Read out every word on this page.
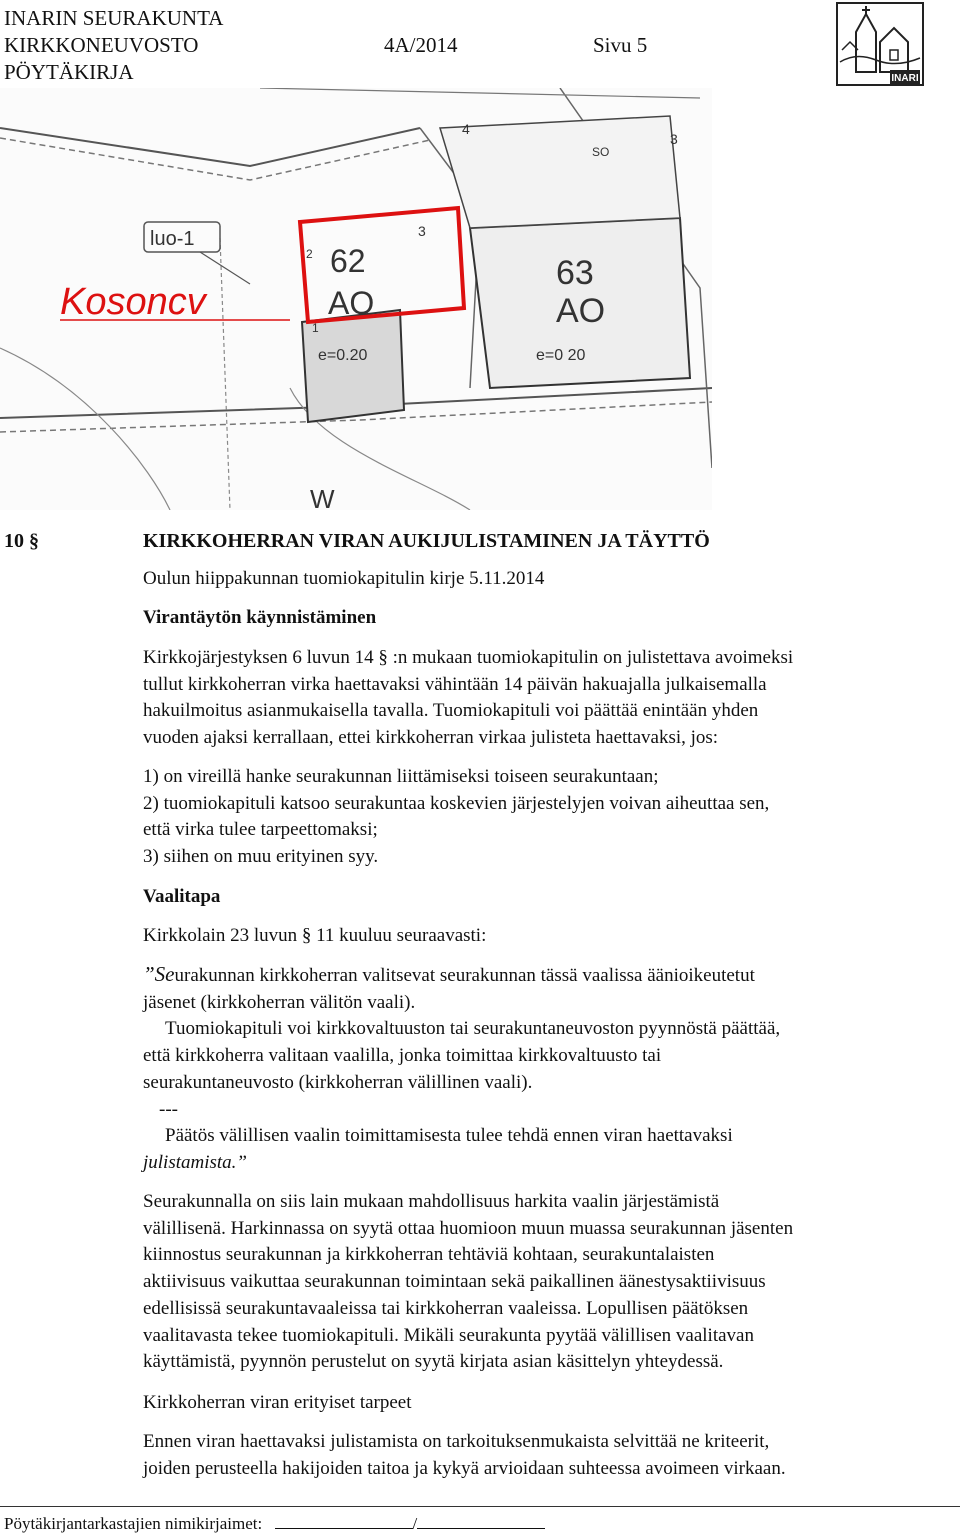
INARIN SEURAKUNTA
KIRKKONEUVOSTO	4A/2014	Sivu 5
PÖYTÄKIRJA	INARI
luo-1
Kosoncv
62
AO
63
AO
e=0.20	e=0 20
3
3
4
2
1
SO
W
10 §	KIRKKOHERRAN VIRAN AUKIJULISTAMINEN JA TÄYTTÖ
Oulun hiippakunnan tuomiokapitulin kirje 5.11.2014
Virantäytön käynnistäminen
Kirkkojärjestyksen 6 luvun 14 § :n mukaan tuomiokapitulin on julistettava avoimeksi
tullut kirkkoherran virka haettavaksi vähintään 14 päivän hakuajalla julkaisemalla
hakuilmoitus asianmukaisella tavalla. Tuomiokapituli voi päättää enintään yhden
vuoden ajaksi kerrallaan, ettei kirkkoherran virkaa julisteta haettavaksi, jos:
1) on vireillä hanke seurakunnan liittämiseksi toiseen seurakuntaan;
2) tuomiokapituli katsoo seurakuntaa koskevien järjestelyjen voivan aiheuttaa sen,
että virka tulee tarpeettomaksi;
3) siihen on muu erityinen syy.
Vaalitapa
Kirkkolain 23 luvun § 11 kuuluu seuraavasti:
”Seurakunnan kirkkoherran valitsevat seurakunnan tässä vaalissa äänioikeutetut
jäsenet (kirkkoherran välitön vaali).
Tuomiokapituli voi kirkkovaltuuston tai seurakuntaneuvoston pyynnöstä päättää,
että kirkkoherra valitaan vaalilla, jonka toimittaa kirkkovaltuusto tai
seurakuntaneuvosto (kirkkoherran välillinen vaali).
---
Päätös välillisen vaalin toimittamisesta tulee tehdä ennen viran haettavaksi
julistamista.”
Seurakunnalla on siis lain mukaan mahdollisuus harkita vaalin järjestämistä
välillisenä. Harkinnassa on syytä ottaa huomioon muun muassa seurakunnan jäsenten
kiinnostus seurakunnan ja kirkkoherran tehtäviä kohtaan, seurakuntalaisten
aktiivisuus vaikuttaa seurakunnan toimintaan sekä paikallinen äänestysaktiivisuus
edellisissä seurakuntavaaleissa tai kirkkoherran vaaleissa. Lopullisen päätöksen
vaalitavasta tekee tuomiokapituli. Mikäli seurakunta pyytää välillisen vaalitavan
käyttämistä, pyynnön perustelut on syytä kirjata asian käsittelyn yhteydessä.
Kirkkoherran viran erityiset tarpeet
Ennen viran haettavaksi julistamista on tarkoituksenmukaista selvittää ne kriteerit,
joiden perusteella hakijoiden taitoa ja kykyä arvioidaan suhteessa avoimeen virkaan.
Pöytäkirjantarkastajien nimikirjaimet:	/
